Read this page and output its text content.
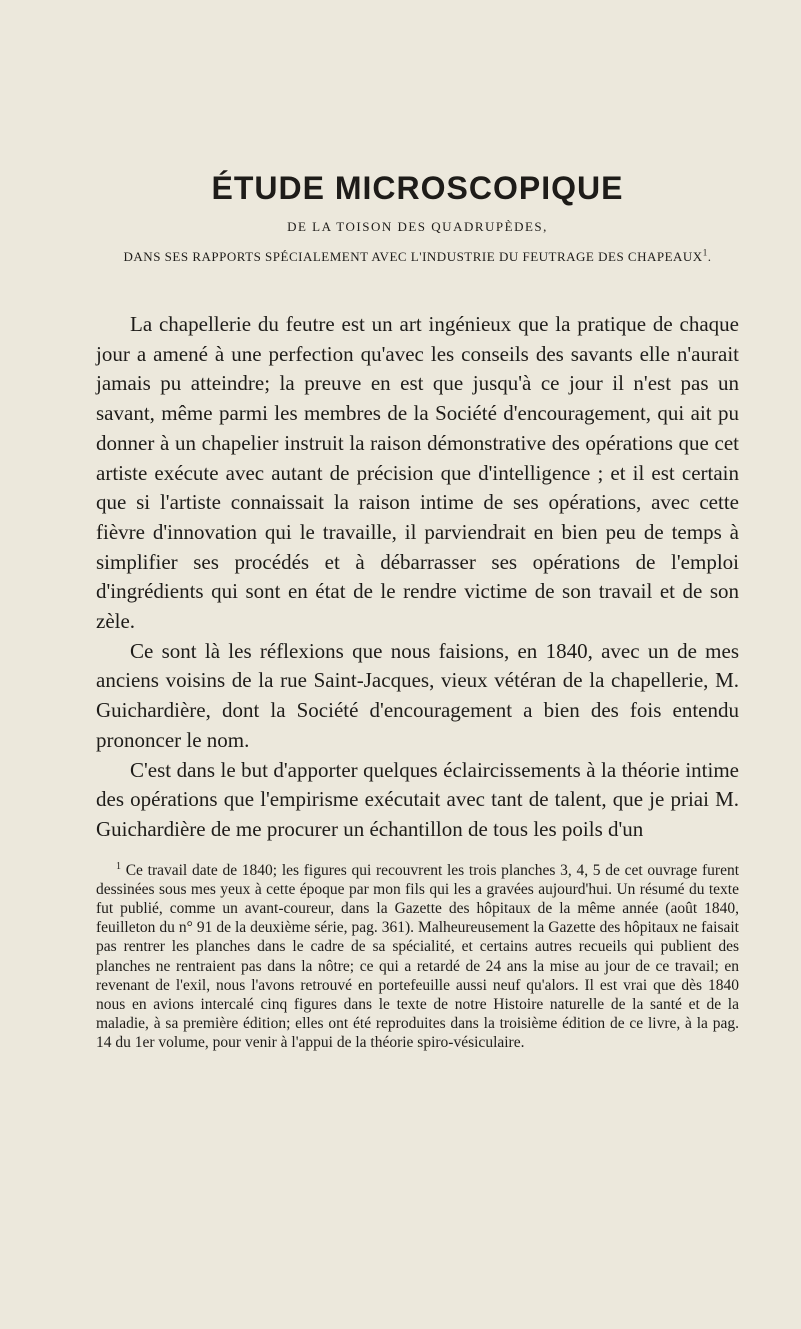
ÉTUDE MICROSCOPIQUE
DE LA TOISON DES QUADRUPÈDES,
DANS SES RAPPORTS SPÉCIALEMENT AVEC L'INDUSTRIE DU FEUTRAGE DES CHAPEAUX$^1$.

La chapellerie du feutre est un art ingénieux que la pratique de chaque jour a amené à une perfection qu'avec les conseils des savants elle n'aurait jamais pu atteindre; la preuve en est que jusqu'à ce jour il n'est pas un savant, même parmi les membres de la Société d'encouragement, qui ait pu donner à un chapelier instruit la raison démonstrative des opérations que cet artiste exécute avec autant de précision que d'intelligence ; et il est certain que si l'artiste connaissait la raison intime de ses opérations, avec cette fièvre d'innovation qui le travaille, il parviendrait en bien peu de temps à simplifier ses procédés et à débarrasser ses opérations de l'emploi d'ingrédients qui sont en état de le rendre victime de son travail et de son zèle.

Ce sont là les réflexions que nous faisions, en 1840, avec un de mes anciens voisins de la rue Saint-Jacques, vieux vétéran de la chapellerie, M. Guichardière, dont la Société d'encouragement a bien des fois entendu prononcer le nom.

C'est dans le but d'apporter quelques éclaircissements à la théorie intime des opérations que l'empirisme exécutait avec tant de talent, que je priai M. Guichardière de me procurer un échantillon de tous les poils d'un

$^1$ Ce travail date de 1840; les figures qui recouvrent les trois planches 3, 4, 5 de cet ouvrage furent dessinées sous mes yeux à cette époque par mon fils qui les a gravées aujourd'hui. Un résumé du texte fut publié, comme un avant-coureur, dans la Gazette des hôpitaux de la même année (août 1840, feuilleton du n° 91 de la deuxième série, pag. 361). Malheureusement la Gazette des hôpitaux ne faisait pas rentrer les planches dans le cadre de sa spécialité, et certains autres recueils qui publient des planches ne rentraient pas dans la nôtre; ce qui a retardé de 24 ans la mise au jour de ce travail; en revenant de l'exil, nous l'avons retrouvé en portefeuille aussi neuf qu'alors. Il est vrai que dès 1840 nous en avions intercalé cinq figures dans le texte de notre Histoire naturelle de la santé et de la maladie, à sa première édition; elles ont été reproduites dans la troisième édition de ce livre, à la pag. 14 du 1er volume, pour venir à l'appui de la théorie spiro-vésiculaire.
